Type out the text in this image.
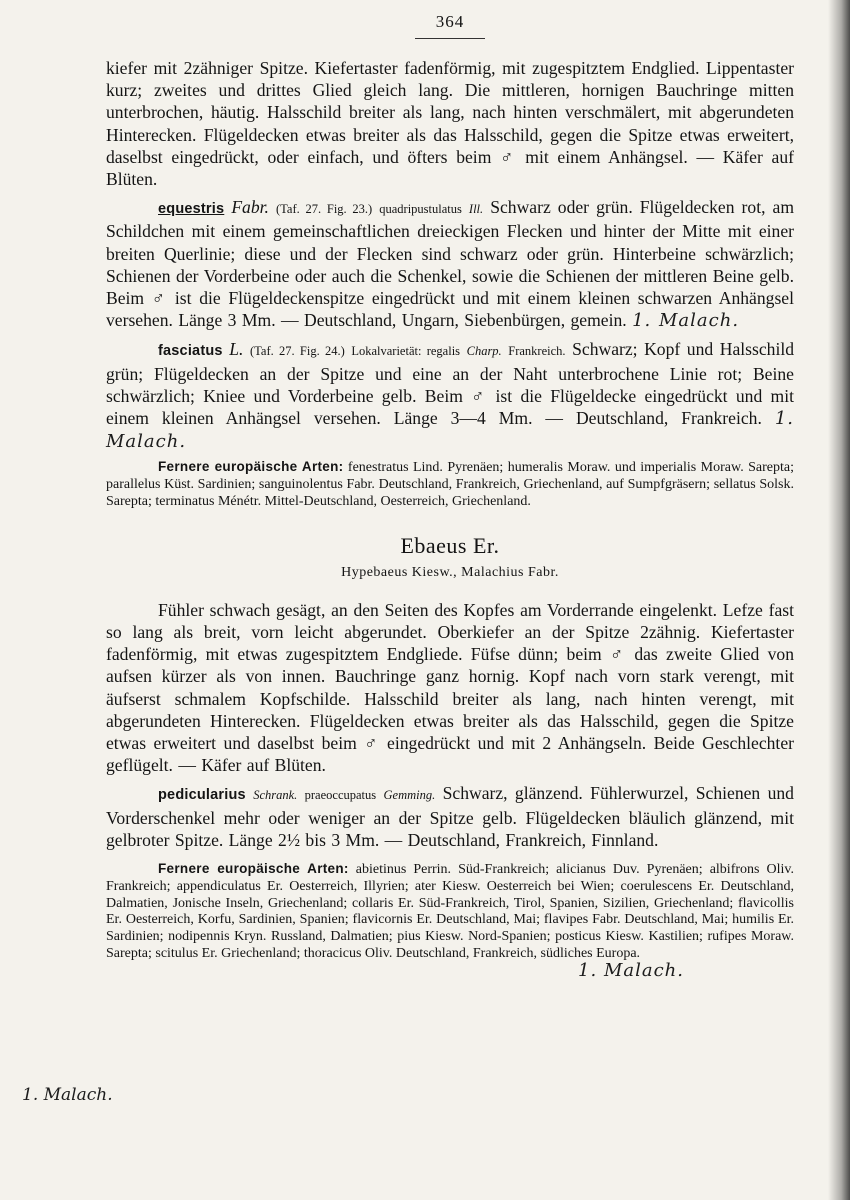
1. Malach.
364

kiefer mit 2zähniger Spitze. Kiefertaster fadenförmig, mit zugespitztem Endglied. Lippentaster kurz; zweites und drittes Glied gleich lang. Die mittleren, hornigen Bauchringe mitten unterbrochen, häutig. Halsschild breiter als lang, nach hinten verschmälert, mit abgerundeten Hinterecken. Flügeldecken etwas breiter als das Halsschild, gegen die Spitze etwas erweitert, daselbst eingedrückt, oder einfach, und öfters beim ♂ mit einem Anhängsel. — Käfer auf Blüten.

equestris Fabr. (Taf. 27. Fig. 23.) quadripustulatus Ill. Schwarz oder grün. Flügeldecken rot, am Schildchen mit einem gemeinschaftlichen dreieckigen Flecken und hinter der Mitte mit einer breiten Querlinie; diese und der Flecken sind schwarz oder grün. Hinterbeine schwärzlich; Schienen der Vorderbeine oder auch die Schenkel, sowie die Schienen der mittleren Beine gelb. Beim ♂ ist die Flügeldeckenspitze eingedrückt und mit einem kleinen schwarzen Anhängsel versehen. Länge 3 Mm. — Deutschland, Ungarn, Siebenbürgen, gemein. 1. Malach.

fasciatus L. (Taf. 27. Fig. 24.) Lokalvarietät: regalis Charp. Frankreich. Schwarz; Kopf und Halsschild grün; Flügeldecken an der Spitze und eine an der Naht unterbrochene Linie rot; Beine schwärzlich; Kniee und Vorderbeine gelb. Beim ♂ ist die Flügeldecke eingedrückt und mit einem kleinen Anhängsel versehen. Länge 3—4 Mm. — Deutschland, Frankreich. 1. Malach.

Fernere europäische Arten: fenestratus Lind. Pyrenäen; humeralis Moraw. und imperialis Moraw. Sarepta; parallelus Küst. Sardinien; sanguinolentus Fabr. Deutschland, Frankreich, Griechenland, auf Sumpfgräsern; sellatus Solsk. Sarepta; terminatus Ménétr. Mittel-Deutschland, Oesterreich, Griechenland.

Ebaeus Er.
Hypebaeus Kiesw., Malachius Fabr.

Fühler schwach gesägt, an den Seiten des Kopfes am Vorderrande eingelenkt. Lefze fast so lang als breit, vorn leicht abgerundet. Oberkiefer an der Spitze 2zähnig. Kiefertaster fadenförmig, mit etwas zugespitztem Endgliede. Füfse dünn; beim ♂ das zweite Glied von aufsen kürzer als von innen. Bauchringe ganz hornig. Kopf nach vorn stark verengt, mit äufserst schmalem Kopfschilde. Halsschild breiter als lang, nach hinten verengt, mit abgerundeten Hinterecken. Flügeldecken etwas breiter als das Halsschild, gegen die Spitze etwas erweitert und daselbst beim ♂ eingedrückt und mit 2 Anhängseln. Beide Geschlechter geflügelt. — Käfer auf Blüten.

pedicularius Schrank. praeoccupatus Gemming. Schwarz, glänzend. Fühlerwurzel, Schienen und Vorderschenkel mehr oder weniger an der Spitze gelb. Flügeldecken bläulich glänzend, mit gelbroter Spitze. Länge 2½ bis 3 Mm. — Deutschland, Frankreich, Finnland.

Fernere europäische Arten: abietinus Perrin. Süd-Frankreich; alicianus Duv. Pyrenäen; albifrons Oliv. Frankreich; appendiculatus Er. Oesterreich, Illyrien; ater Kiesw. Oesterreich bei Wien; coerulescens Er. Deutschland, Dalmatien, Jonische Inseln, Griechenland; collaris Er. Süd-Frankreich, Tirol, Spanien, Sizilien, Griechenland; flavicollis Er. Oesterreich, Korfu, Sardinien, Spanien; flavicornis Er. Deutschland, Mai; flavipes Fabr. Deutschland, Mai; humilis Er. Sardinien; nodipennis Kryn. Russland, Dalmatien; pius Kiesw. Nord-Spanien; posticus Kiesw. Kastilien; rufipes Moraw. Sarepta; scitulus Er. Griechenland; thoracicus Oliv. Deutschland, Frankreich, südliches Europa.

1. Malach.
